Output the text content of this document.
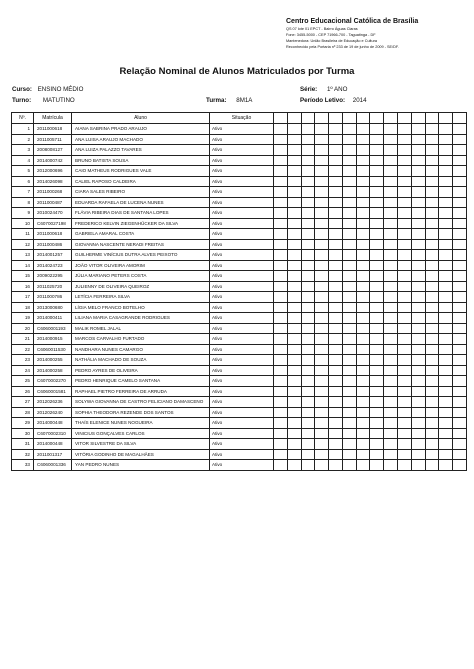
Centro Educacional Católica de Brasília
QS 07 lote 01 EPCT - Bairro Águas Claras
Fone: 3455-5000 - CEP 71966-700 - Taguatinga - DF
Mantenedora: União Brasileira de Educação e Cultura
Reconhecido pela Portaria nº 233 de 19 de junho de 2009 - SE/DF.
Relação Nominal de Alunos Matriculados por Turma
Curso: ENSINO MÉDIO	Série: 1º ANO
Turno: MATUTINO	Turma: 8M1A	Período Letivo: 2014
Nº.	Matrícula	Aluno	Situação														
1	2011000618	AIANA SABRINA PRADO ARAUJO	Ativo														
2	2011005711	ANA LUISA ARAUJO MACHADO	Ativo														
3	2008008127	ANA LUIZA PALAZZO TAVARES	Ativo														
4	2014000742	BRUNO BATISTA SOUSA	Ativo														
5	2012000696	CAIO MATHEUS RODRIGUES VALE	Ativo														
6	2014026098	CALIEL RAPOSO CALDEIRA	Ativo														
7	2011000268	CIARA SALES RIBEIRO	Ativo														
8	2011000487	EDUARDA RAFAELA DE LUCENA NUNES	Ativo														
9	2010024470	FLÁVIA RIBEIRA DIAS DE SANTANA LOPES	Ativo														
10	C6070027198	FREDERICO KELVIN ZIEGENHÜCKER DA SILVA	Ativo														
11	2011000618	GABRIELA AMARAL COSTA	Ativo														
12	2011000486	GIOVANNA NASCENTE NERADI FREITAS	Ativo														
13	2014001257	GUILHERME VINÍCIUS DUTRA ALVES PEIXOTO	Ativo														
14	2014024723	JOÃO VITOR OLIVEIRA AMORIM	Ativo														
15	2009022295	JÚLIA MARIANO PETERS COSTA	Ativo														
16	2011025720	JULIENNY DE OLIVEIRA QUEIROZ	Ativo														
17	2011000786	LETÍCIA FERREIRA SILVA	Ativo														
18	2013000680	LÍGIA MELO FRANCO BOTELHO	Ativo														
19	2014000411	LILIANA MARIA CASAGRANDE RODRIGUES	Ativo														
20	C6060001193	MALIK ROMEL JALAL	Ativo														
21	2014000915	MARCOS CARVALHO FURTADO	Ativo														
22	C6060011530	NANDHARA NUNES CAMARGO	Ativo														
23	2014000255	NATHÁLIA MACHADO DE SOUZA	Ativo														
24	2014000258	PEDRO AYRES DE OLIVEIRA	Ativo														
25	C6070002270	PEDRO HENRIQUE CAMELO SANTANA	Ativo														
26	C6060001581	RAPHAEL PIETRO FERREIRA DE ARRUDA	Ativo														
27	2012026236	SOLYWA GIOVANNA DE CASTRO FELICIANO DAMASCENO	Ativo														
28	2012026240	SOPHIA THEODORA REZENDE DOS SANTOS	Ativo														
29	2014000448	THAÍS ELENICE NUNES NOGUEIRA	Ativo														
30	C6070002310	VINICIUS GONÇALVES CARLOS	Ativo														
31	2014000448	VITOR SILVESTRE DA SILVA	Ativo														
32	2011001317	VITÓRIA GODINHO DE MAGALHÃES	Ativo														
33	C6060001336	YAN PEDRO NUNES	Ativo														
